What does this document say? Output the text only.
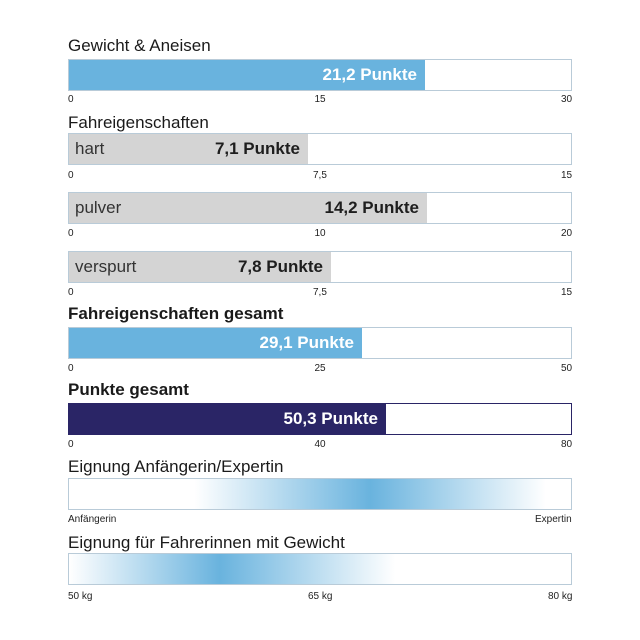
Gewicht & Aneisen
21,2 Punkte
0	15	30
Fahreigenschaften
hart	7,1 Punkte
0	7,5	15
pulver	14,2 Punkte
0	10	20
verspurt	7,8 Punkte
0	7,5	15
Fahreigenschaften gesamt
29,1 Punkte
0	25	50
Punkte gesamt
50,3 Punkte
0	40	80
Eignung Anfängerin/Expertin
Anfängerin	Expertin
Eignung für Fahrerinnen mit Gewicht
50 kg	65 kg	80 kg
